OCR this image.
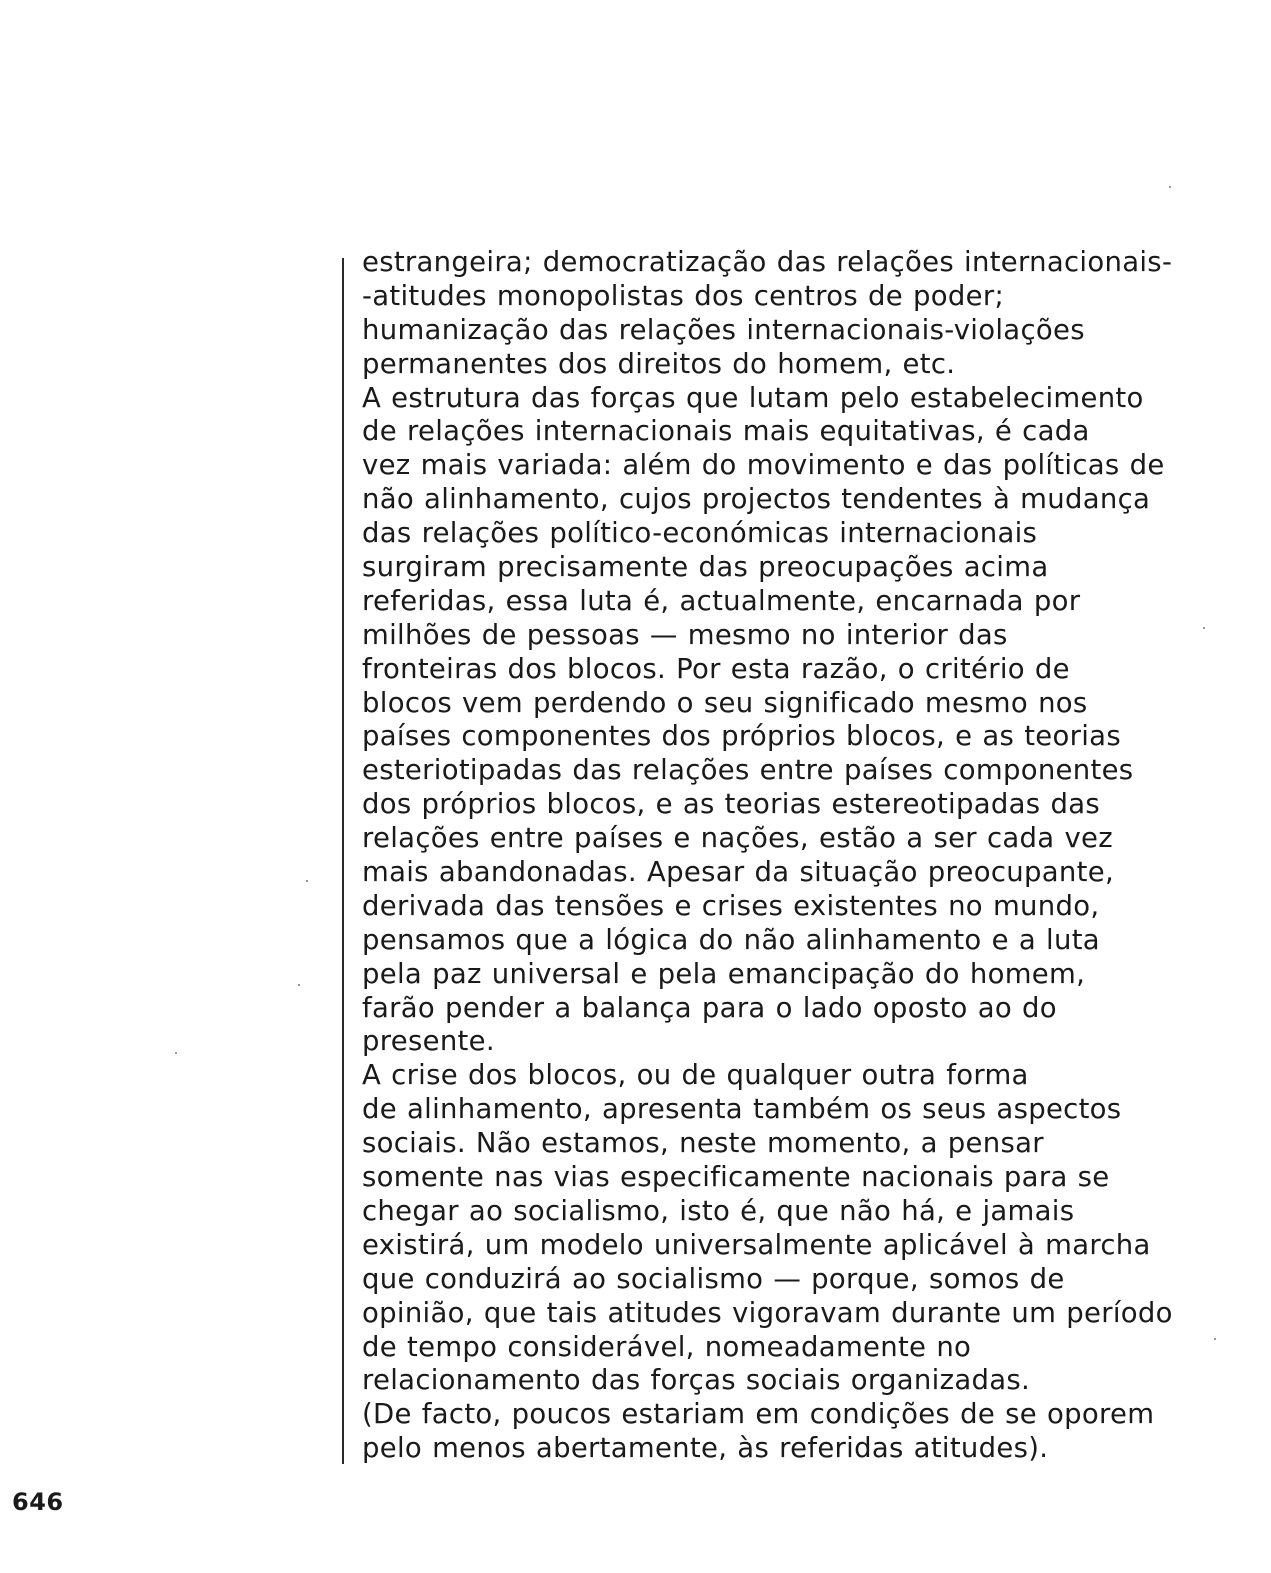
estrangeira; democratização das relações internacionais-
-atitudes monopolistas dos centros de poder;
humanização das relações internacionais-violações
permanentes dos direitos do homem, etc.
A estrutura das forças que lutam pelo estabelecimento
de relações internacionais mais equitativas, é cada
vez mais variada: além do movimento e das políticas de
não alinhamento, cujos projectos tendentes à mudança
das relações político-económicas internacionais
surgiram precisamente das preocupações acima
referidas, essa luta é, actualmente, encarnada por
milhões de pessoas — mesmo no interior das
fronteiras dos blocos. Por esta razão, o critério de
blocos vem perdendo o seu significado mesmo nos
países componentes dos próprios blocos, e as teorias
esteriotipadas das relações entre países componentes
dos próprios blocos, e as teorias estereotipadas das
relações entre países e nações, estão a ser cada vez
mais abandonadas. Apesar da situação preocupante,
derivada das tensões e crises existentes no mundo,
pensamos que a lógica do não alinhamento e a luta
pela paz universal e pela emancipação do homem,
farão pender a balança para o lado oposto ao do
presente.
A crise dos blocos, ou de qualquer outra forma
de alinhamento, apresenta também os seus aspectos
sociais. Não estamos, neste momento, a pensar
somente nas vias especificamente nacionais para se
chegar ao socialismo, isto é, que não há, e jamais
existirá, um modelo universalmente aplicável à marcha
que conduzirá ao socialismo — porque, somos de
opinião, que tais atitudes vigoravam durante um período
de tempo considerável, nomeadamente no
relacionamento das forças sociais organizadas.
(De facto, poucos estariam em condições de se oporem
pelo menos abertamente, às referidas atitudes).
646
